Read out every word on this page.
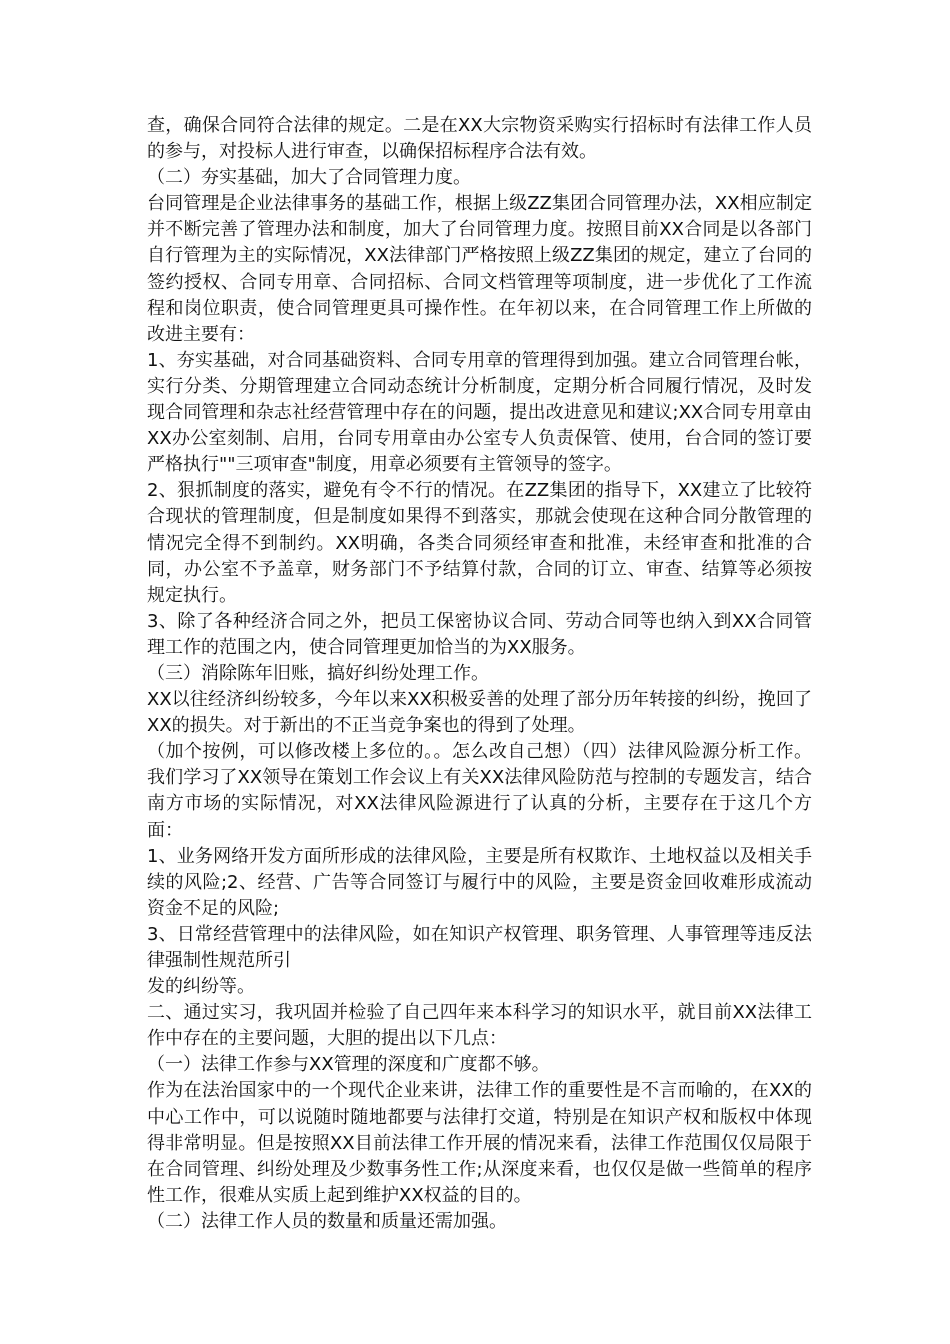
查，确保合同符合法律的规定。二是在XX大宗物资采购实行招标时有法律工作人员的参与，对投标人进行审查，以确保招标程序合法有效。

（二）夯实基础，加大了合同管理力度。

台同管理是企业法律事务的基础工作，根据上级ZZ集团合同管理办法，XX相应制定并不断完善了管理办法和制度，加大了台同管理力度。按照目前XX合同是以各部门自行管理为主的实际情况，XX法律部门严格按照上级ZZ集团的规定，建立了台同的签约授权、合同专用章、合同招标、合同文档管理等项制度，进一步优化了工作流程和岗位职责，使合同管理更具可操作性。在年初以来，在合同管理工作上所做的改进主要有：

1、夯实基础，对合同基础资料、合同专用章的管理得到加强。建立合同管理台帐，实行分类、分期管理建立合同动态统计分析制度，定期分析合同履行情况，及时发现合同管理和杂志社经营管理中存在的问题，提出改进意见和建议;XX合同专用章由XX办公室刻制、启用，台同专用章由办公室专人负责保管、使用，台合同的签订要严格执行""三项审查"制度，用章必须要有主管领导的签字。

2、狠抓制度的落实，避免有令不行的情况。在ZZ集团的指导下，XX建立了比较符合现状的管理制度，但是制度如果得不到落实，那就会使现在这种合同分散管理的情况完全得不到制约。XX明确，各类合同须经审查和批准，未经审查和批准的合同，办公室不予盖章，财务部门不予结算付款，合同的订立、审查、结算等必须按规定执行。

3、除了各种经济合同之外，把员工保密协议合同、劳动合同等也纳入到XX合同管理工作的范围之内，使合同管理更加恰当的为XX服务。

（三）消除陈年旧账，搞好纠纷处理工作。

XX以往经济纠纷较多，今年以来XX积极妥善的处理了部分历年转接的纠纷，挽回了XX的损失。对于新出的不正当竞争案也的得到了处理。

（加个按例，可以修改楼上多位的。。怎么改自己想）（四）法律风险源分析工作。我们学习了XX领导在策划工作会议上有关XX法律风险防范与控制的专题发言，结合南方市场的实际情况，对XX法律风险源进行了认真的分析，主要存在于这几个方面：

1、业务网络开发方面所形成的法律风险，主要是所有权欺诈、土地权益以及相关手续的风险;2、经营、广告等合同签订与履行中的风险，主要是资金回收难形成流动资金不足的风险;

3、日常经营管理中的法律风险，如在知识产权管理、职务管理、人事管理等违反法律强制性规范所引

发的纠纷等。

二、通过实习，我巩固并检验了自己四年来本科学习的知识水平，就目前XX法律工作中存在的主要问题，大胆的提出以下几点：

（一）法律工作参与XX管理的深度和广度都不够。

作为在法治国家中的一个现代企业来讲，法律工作的重要性是不言而喻的，在XX的中心工作中，可以说随时随地都要与法律打交道，特别是在知识产权和版权中体现得非常明显。但是按照XX目前法律工作开展的情况来看，法律工作范围仅仅局限于在合同管理、纠纷处理及少数事务性工作;从深度来看，也仅仅是做一些简单的程序性工作，很难从实质上起到维护XX权益的目的。

（二）法律工作人员的数量和质量还需加强。
